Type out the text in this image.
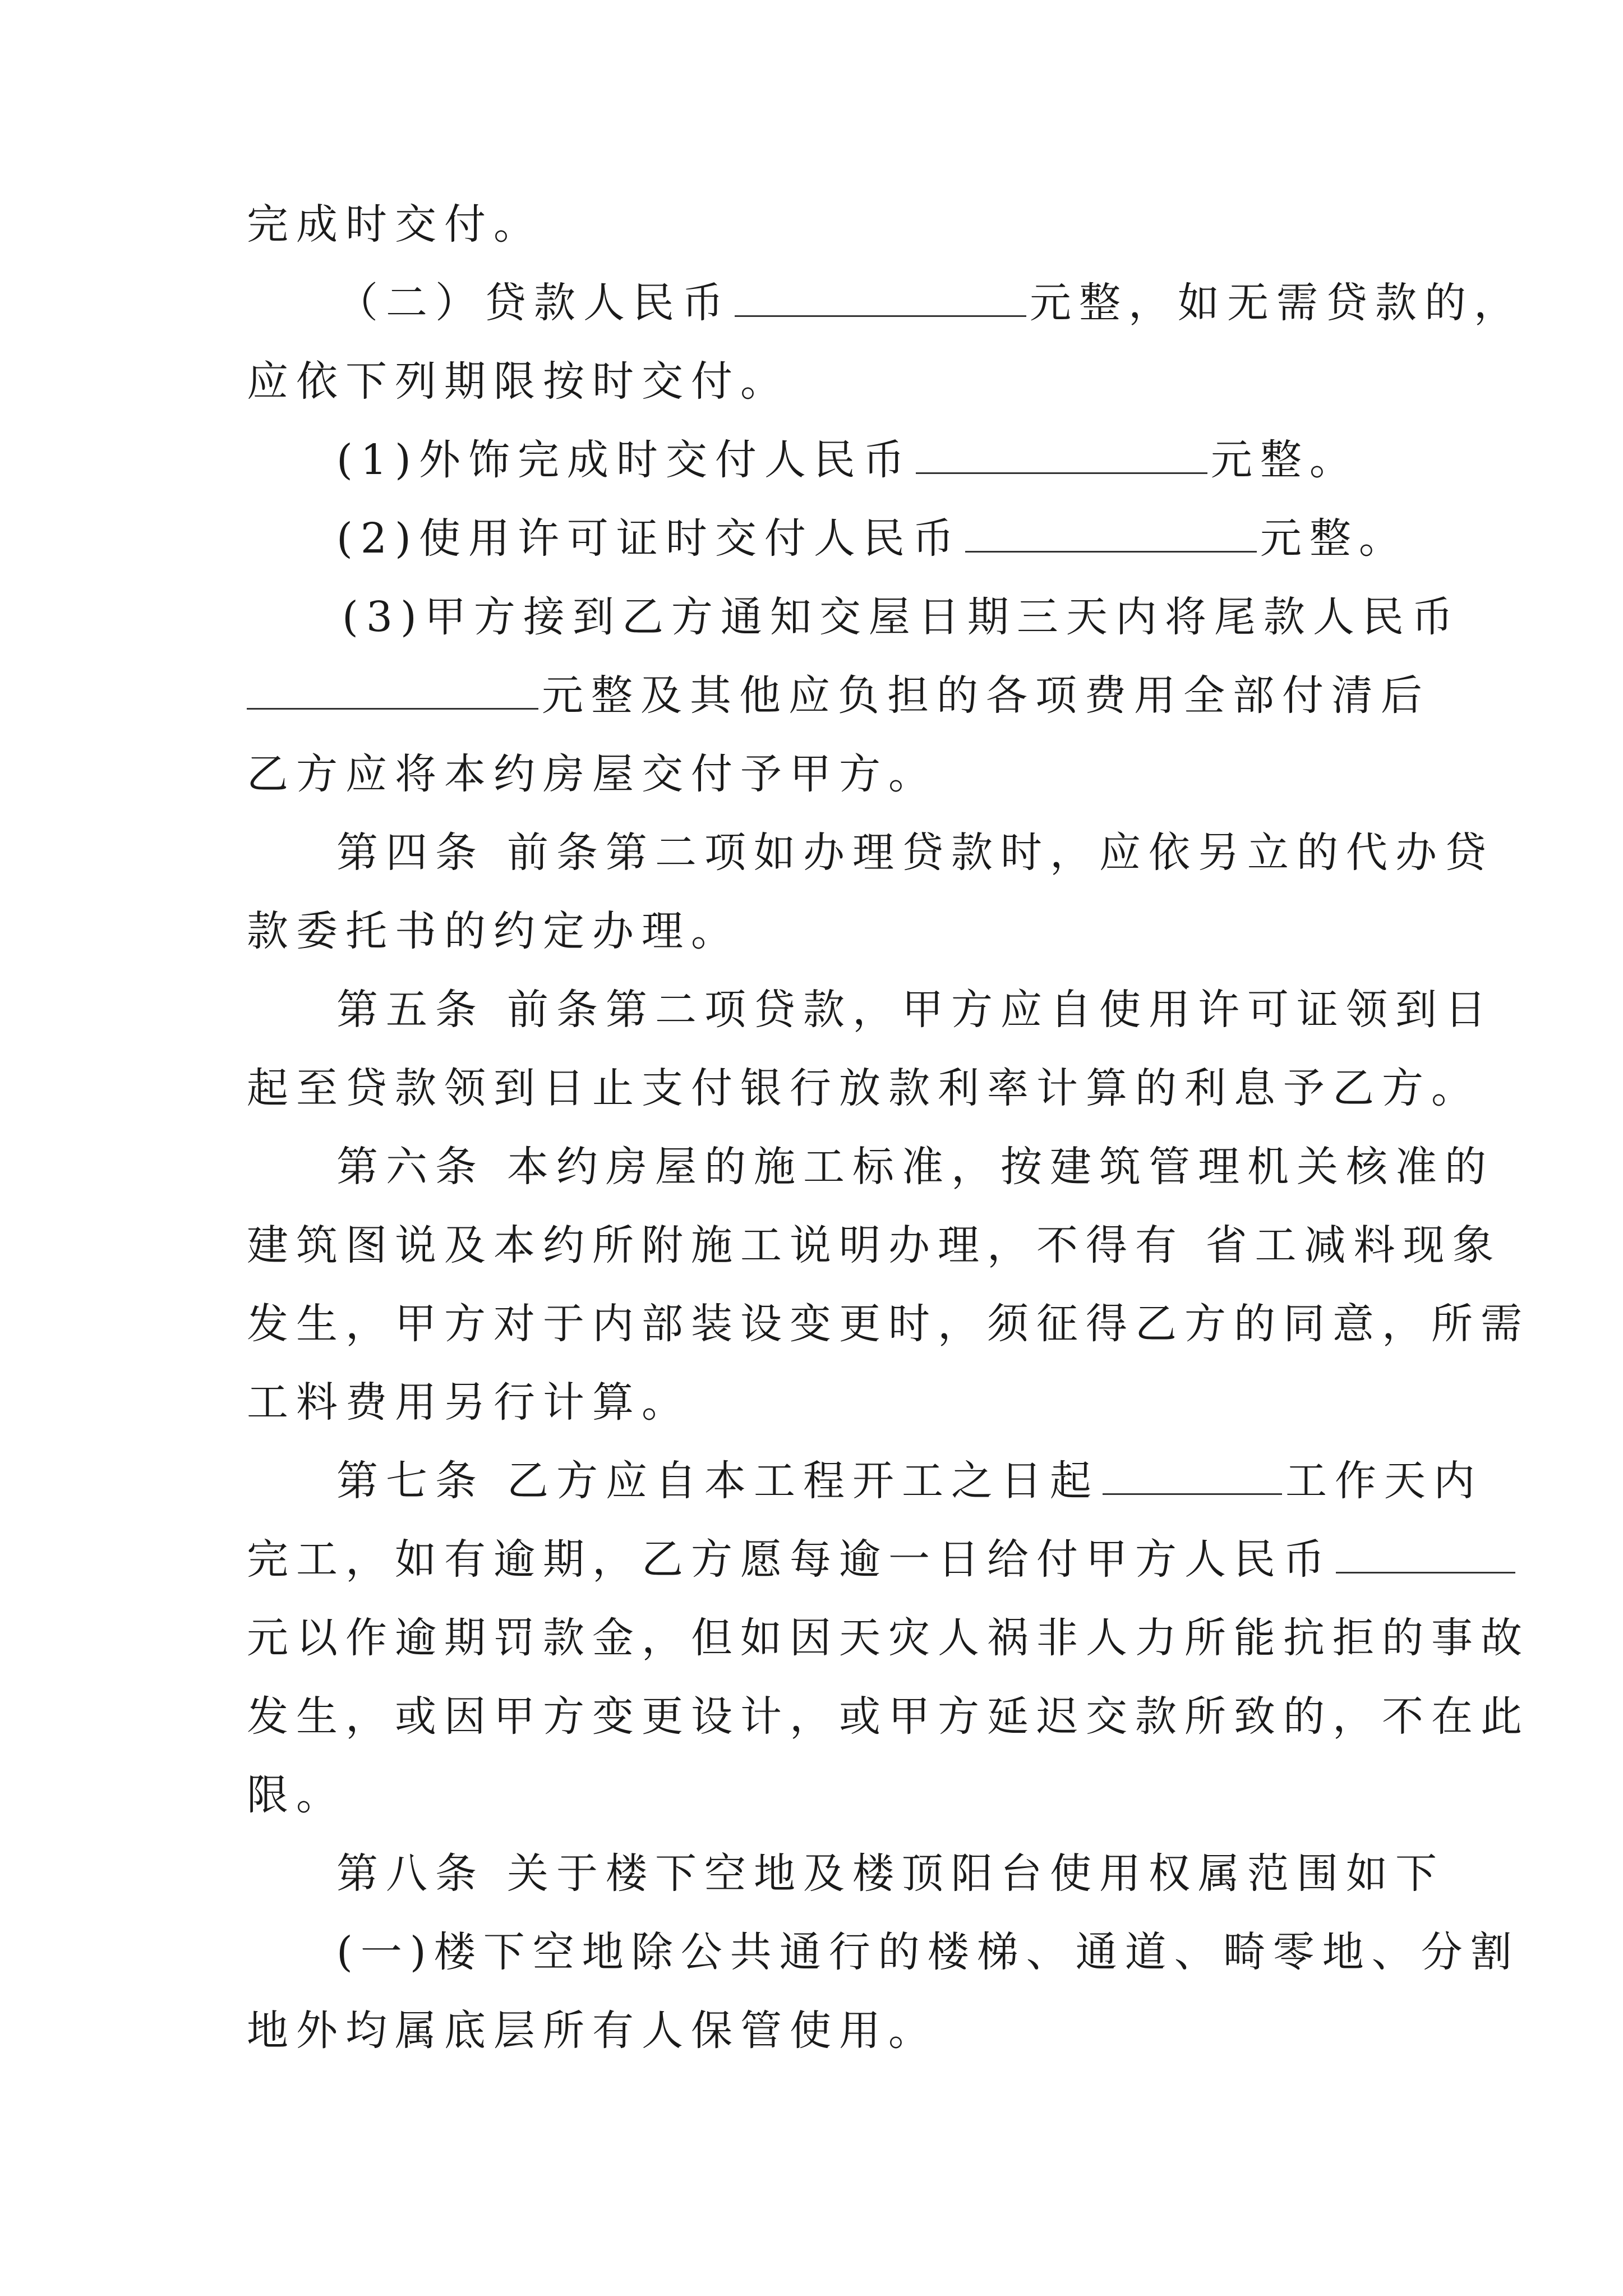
完成时交付。
（二）贷款人民币	元整，如无需贷款的，
应依下列期限按时交付。
(1)外饰完成时交付人民币	元整。
(2)使用许可证时交付人民币	元整。
(3)甲方接到乙方通知交屋日期三天内将尾款人民币
元整及其他应负担的各项费用全部付清后
乙方应将本约房屋交付予甲方。
第四条 前条第二项如办理贷款时，应依另立的代办贷
款委托书的约定办理。
第五条 前条第二项贷款，甲方应自使用许可证领到日
起至贷款领到日止支付银行放款利率计算的利息予乙方。
第六条 本约房屋的施工标准，按建筑管理机关核准的
建筑图说及本约所附施工说明办理，不得有 省工减料现象
发生，甲方对于内部装设变更时，须征得乙方的同意，所需
工料费用另行计算。
第七条 乙方应自本工程开工之日起	工作天内
完工，如有逾期，乙方愿每逾一日给付甲方人民币
元以作逾期罚款金，但如因天灾人祸非人力所能抗拒的事故
发生，或因甲方变更设计，或甲方延迟交款所致的，不在此
限。
第八条 关于楼下空地及楼顶阳台使用权属范围如下
(一)楼下空地除公共通行的楼梯、通道、畸零地、分割
地外均属底层所有人保管使用。
